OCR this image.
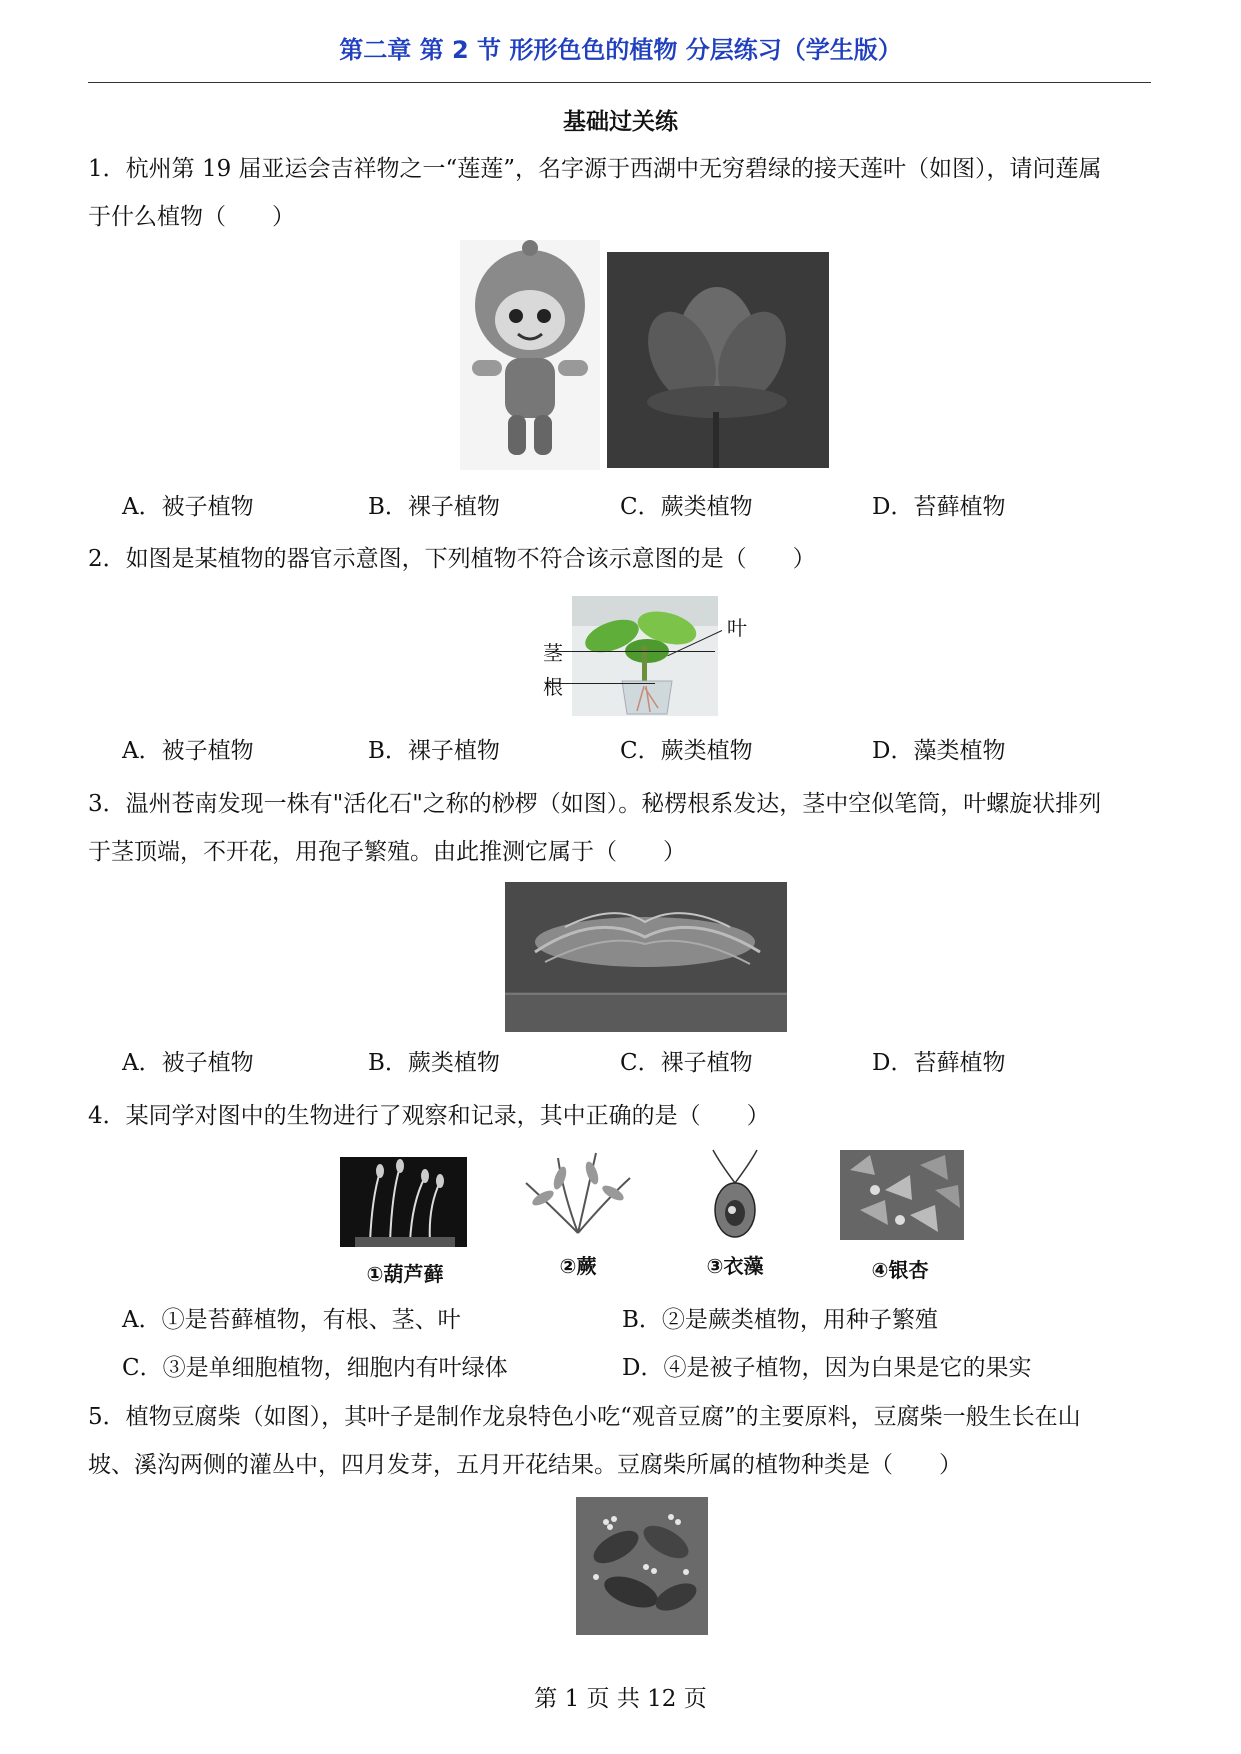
第二章 第 2 节 形形色色的植物 分层练习（学生版）
基础过关练
1．杭州第 19 届亚运会吉祥物之一“莲莲”，名字源于西湖中无穷碧绿的接天莲叶（如图），请问莲属
于什么植物（　　）
A．被子植物	B．裸子植物	C．蕨类植物	D．苔藓植物
2．如图是某植物的器官示意图，下列植物不符合该示意图的是（　　）
叶
茎
根
A．被子植物	B．裸子植物	C．蕨类植物	D．藻类植物
3．温州苍南发现一株有"活化石"之称的桫椤（如图）。秘楞根系发达，茎中空似笔筒，叶螺旋状排列
于茎顶端，不开花，用孢子繁殖。由此推测它属于（　　）
A．被子植物	B．蕨类植物	C．裸子植物	D．苔藓植物
4．某同学对图中的生物进行了观察和记录，其中正确的是（　　）
①葫芦藓	②蕨	③衣藻	④银杏
A．①是苔藓植物，有根、茎、叶	B．②是蕨类植物，用种子繁殖
C．③是单细胞植物，细胞内有叶绿体	D．④是被子植物，因为白果是它的果实
5．植物豆腐柴（如图），其叶子是制作龙泉特色小吃“观音豆腐”的主要原料，豆腐柴一般生长在山
坡、溪沟两侧的灌丛中，四月发芽，五月开花结果。豆腐柴所属的植物种类是（　　）
第 1 页 共 12 页
